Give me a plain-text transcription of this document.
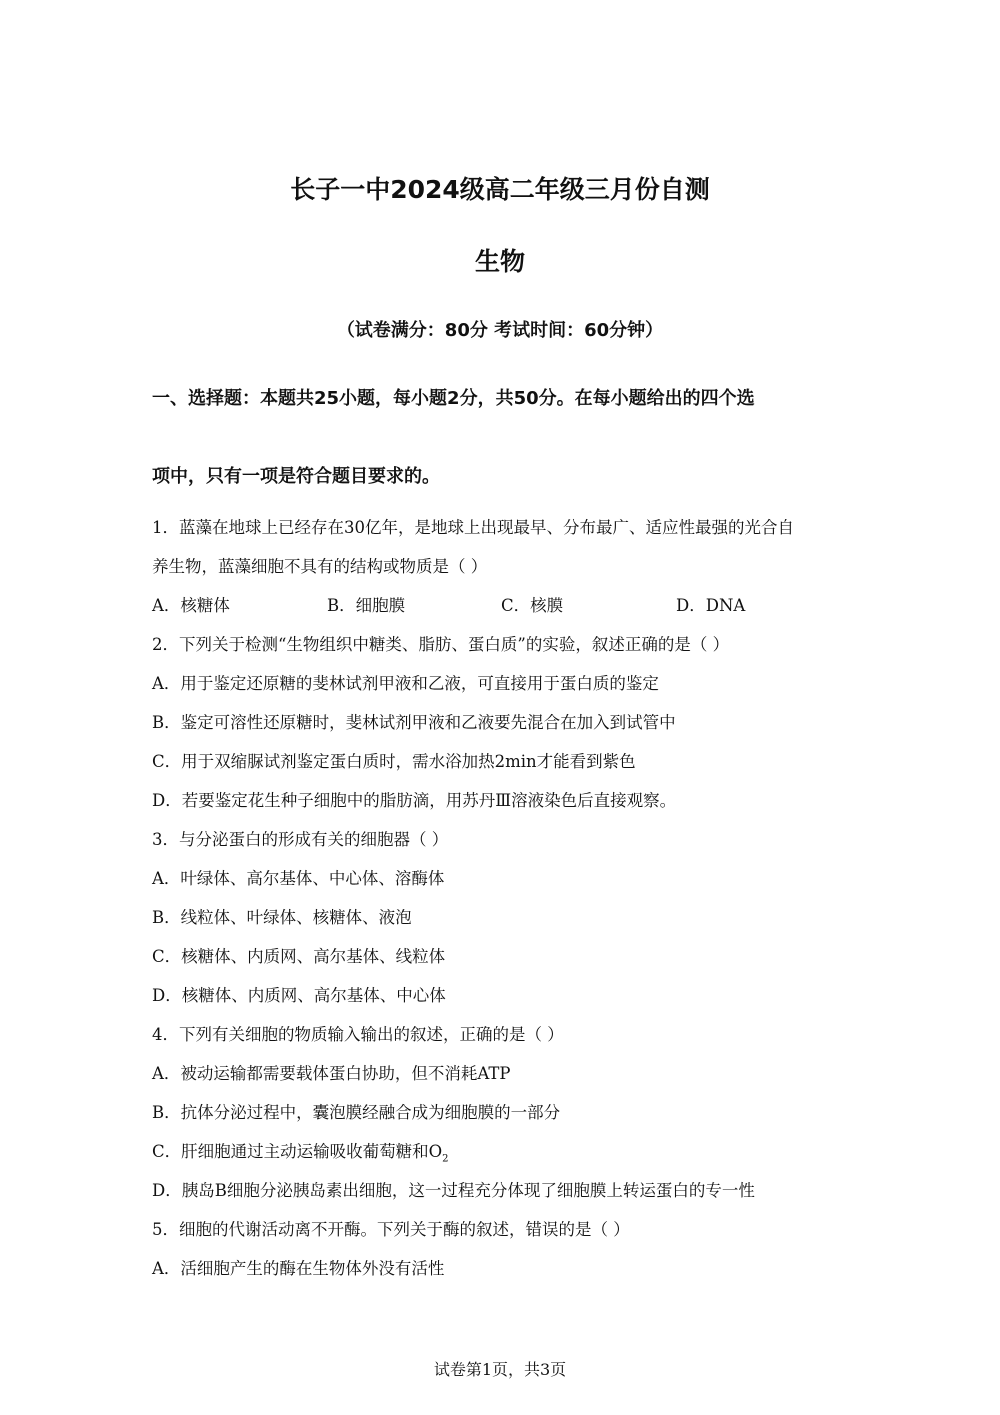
长子一中2024级高二年级三月份自测
生物
（试卷满分：80分 考试时间：60分钟）
一、选择题：本题共25小题，每小题2分，共50分。在每小题给出的四个选
项中，只有一项是符合题目要求的。
1．蓝藻在地球上已经存在30亿年，是地球上出现最早、分布最广、适应性最强的光合自
养生物，蓝藻细胞不具有的结构或物质是（ ）
A．核糖体	B．细胞膜	C．核膜	D．DNA
2．下列关于检测“生物组织中糖类、脂肪、蛋白质”的实验，叙述正确的是（ ）
A．用于鉴定还原糖的斐林试剂甲液和乙液，可直接用于蛋白质的鉴定
B．鉴定可溶性还原糖时，斐林试剂甲液和乙液要先混合在加入到试管中
C．用于双缩脲试剂鉴定蛋白质时，需水浴加热2min才能看到紫色
D．若要鉴定花生种子细胞中的脂肪滴，用苏丹Ⅲ溶液染色后直接观察。
3．与分泌蛋白的形成有关的细胞器（ ）
A．叶绿体、高尔基体、中心体、溶酶体
B．线粒体、叶绿体、核糖体、液泡
C．核糖体、内质网、高尔基体、线粒体
D．核糖体、内质网、高尔基体、中心体
4．下列有关细胞的物质输入输出的叙述，正确的是（ ）
A．被动运输都需要载体蛋白协助，但不消耗ATP
B．抗体分泌过程中，囊泡膜经融合成为细胞膜的一部分
C．肝细胞通过主动运输吸收葡萄糖和$O_2$
D．胰岛B细胞分泌胰岛素出细胞，这一过程充分体现了细胞膜上转运蛋白的专一性
5．细胞的代谢活动离不开酶。下列关于酶的叙述，错误的是（ ）
A．活细胞产生的酶在生物体外没有活性
试卷第1页，共3页
